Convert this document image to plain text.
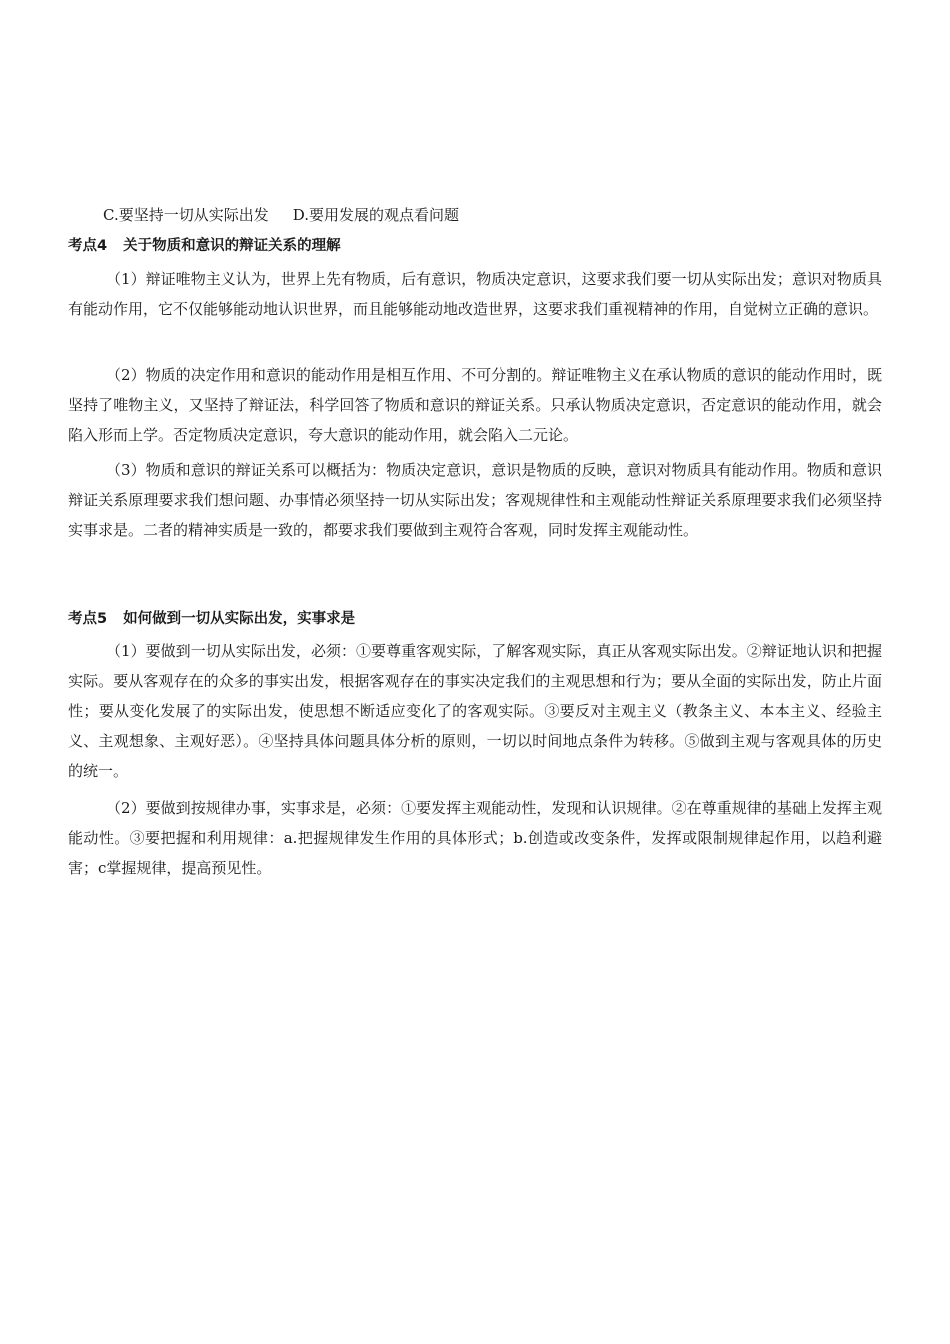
C.要坚持一切从实际出发 D.要用发展的观点看问题
考点4 关于物质和意识的辩证关系的理解

（1）辩证唯物主义认为，世界上先有物质，后有意识，物质决定意识，这要求我们要一切从实际出发；意识对物质具有能动作用，它不仅能够能动地认识世界，而且能够能动地改造世界，这要求我们重视精神的作用，自觉树立正确的意识。

（2）物质的决定作用和意识的能动作用是相互作用、不可分割的。辩证唯物主义在承认物质的意识的能动作用时，既坚持了唯物主义，又坚持了辩证法，科学回答了物质和意识的辩证关系。只承认物质决定意识，否定意识的能动作用，就会陷入形而上学。否定物质决定意识，夸大意识的能动作用，就会陷入二元论。

（3）物质和意识的辩证关系可以概括为：物质决定意识，意识是物质的反映，意识对物质具有能动作用。物质和意识辩证关系原理要求我们想问题、办事情必须坚持一切从实际出发；客观规律性和主观能动性辩证关系原理要求我们必须坚持实事求是。二者的精神实质是一致的，都要求我们要做到主观符合客观，同时发挥主观能动性。

考点5 如何做到一切从实际出发，实事求是

（1）要做到一切从实际出发，必须：①要尊重客观实际，了解客观实际，真正从客观实际出发。②辩证地认识和把握实际。要从客观存在的众多的事实出发，根据客观存在的事实决定我们的主观思想和行为；要从全面的实际出发，防止片面性；要从变化发展了的实际出发，使思想不断适应变化了的客观实际。③要反对主观主义（教条主义、本本主义、经验主义、主观想象、主观好恶）。④坚持具体问题具体分析的原则，一切以时间地点条件为转移。⑤做到主观与客观具体的历史的统一。

（2）要做到按规律办事，实事求是，必须：①要发挥主观能动性，发现和认识规律。②在尊重规律的基础上发挥主观能动性。③要把握和利用规律：a.把握规律发生作用的具体形式；b.创造或改变条件，发挥或限制规律起作用，以趋利避害；c掌握规律，提高预见性。
